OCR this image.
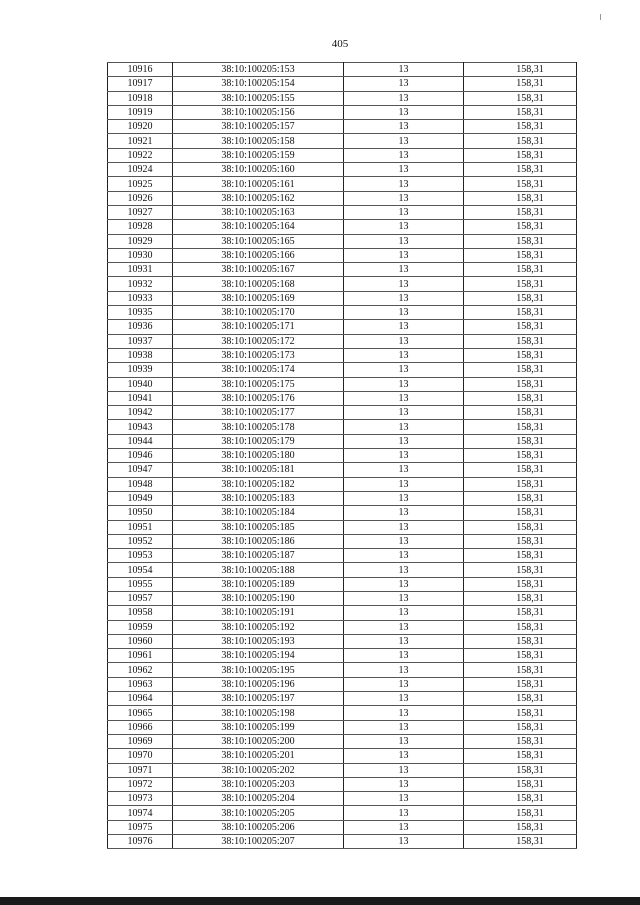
405
10916	38:10:100205:153	13	158,31
10917	38:10:100205:154	13	158,31
10918	38:10:100205:155	13	158,31
10919	38:10:100205:156	13	158,31
10920	38:10:100205:157	13	158,31
10921	38:10:100205:158	13	158,31
10922	38:10:100205:159	13	158,31
10924	38:10:100205:160	13	158,31
10925	38:10:100205:161	13	158,31
10926	38:10:100205:162	13	158,31
10927	38:10:100205:163	13	158,31
10928	38:10:100205:164	13	158,31
10929	38:10:100205:165	13	158,31
10930	38:10:100205:166	13	158,31
10931	38:10:100205:167	13	158,31
10932	38:10:100205:168	13	158,31
10933	38:10:100205:169	13	158,31
10935	38:10:100205:170	13	158,31
10936	38:10:100205:171	13	158,31
10937	38:10:100205:172	13	158,31
10938	38:10:100205:173	13	158,31
10939	38:10:100205:174	13	158,31
10940	38:10:100205:175	13	158,31
10941	38:10:100205:176	13	158,31
10942	38:10:100205:177	13	158,31
10943	38:10:100205:178	13	158,31
10944	38:10:100205:179	13	158,31
10946	38:10:100205:180	13	158,31
10947	38:10:100205:181	13	158,31
10948	38:10:100205:182	13	158,31
10949	38:10:100205:183	13	158,31
10950	38:10:100205:184	13	158,31
10951	38:10:100205:185	13	158,31
10952	38:10:100205:186	13	158,31
10953	38:10:100205:187	13	158,31
10954	38:10:100205:188	13	158,31
10955	38:10:100205:189	13	158,31
10957	38:10:100205:190	13	158,31
10958	38:10:100205:191	13	158,31
10959	38:10:100205:192	13	158,31
10960	38:10:100205:193	13	158,31
10961	38:10:100205:194	13	158,31
10962	38:10:100205:195	13	158,31
10963	38:10:100205:196	13	158,31
10964	38:10:100205:197	13	158,31
10965	38:10:100205:198	13	158,31
10966	38:10:100205:199	13	158,31
10969	38:10:100205:200	13	158,31
10970	38:10:100205:201	13	158,31
10971	38:10:100205:202	13	158,31
10972	38:10:100205:203	13	158,31
10973	38:10:100205:204	13	158,31
10974	38:10:100205:205	13	158,31
10975	38:10:100205:206	13	158,31
10976	38:10:100205:207	13	158,31
